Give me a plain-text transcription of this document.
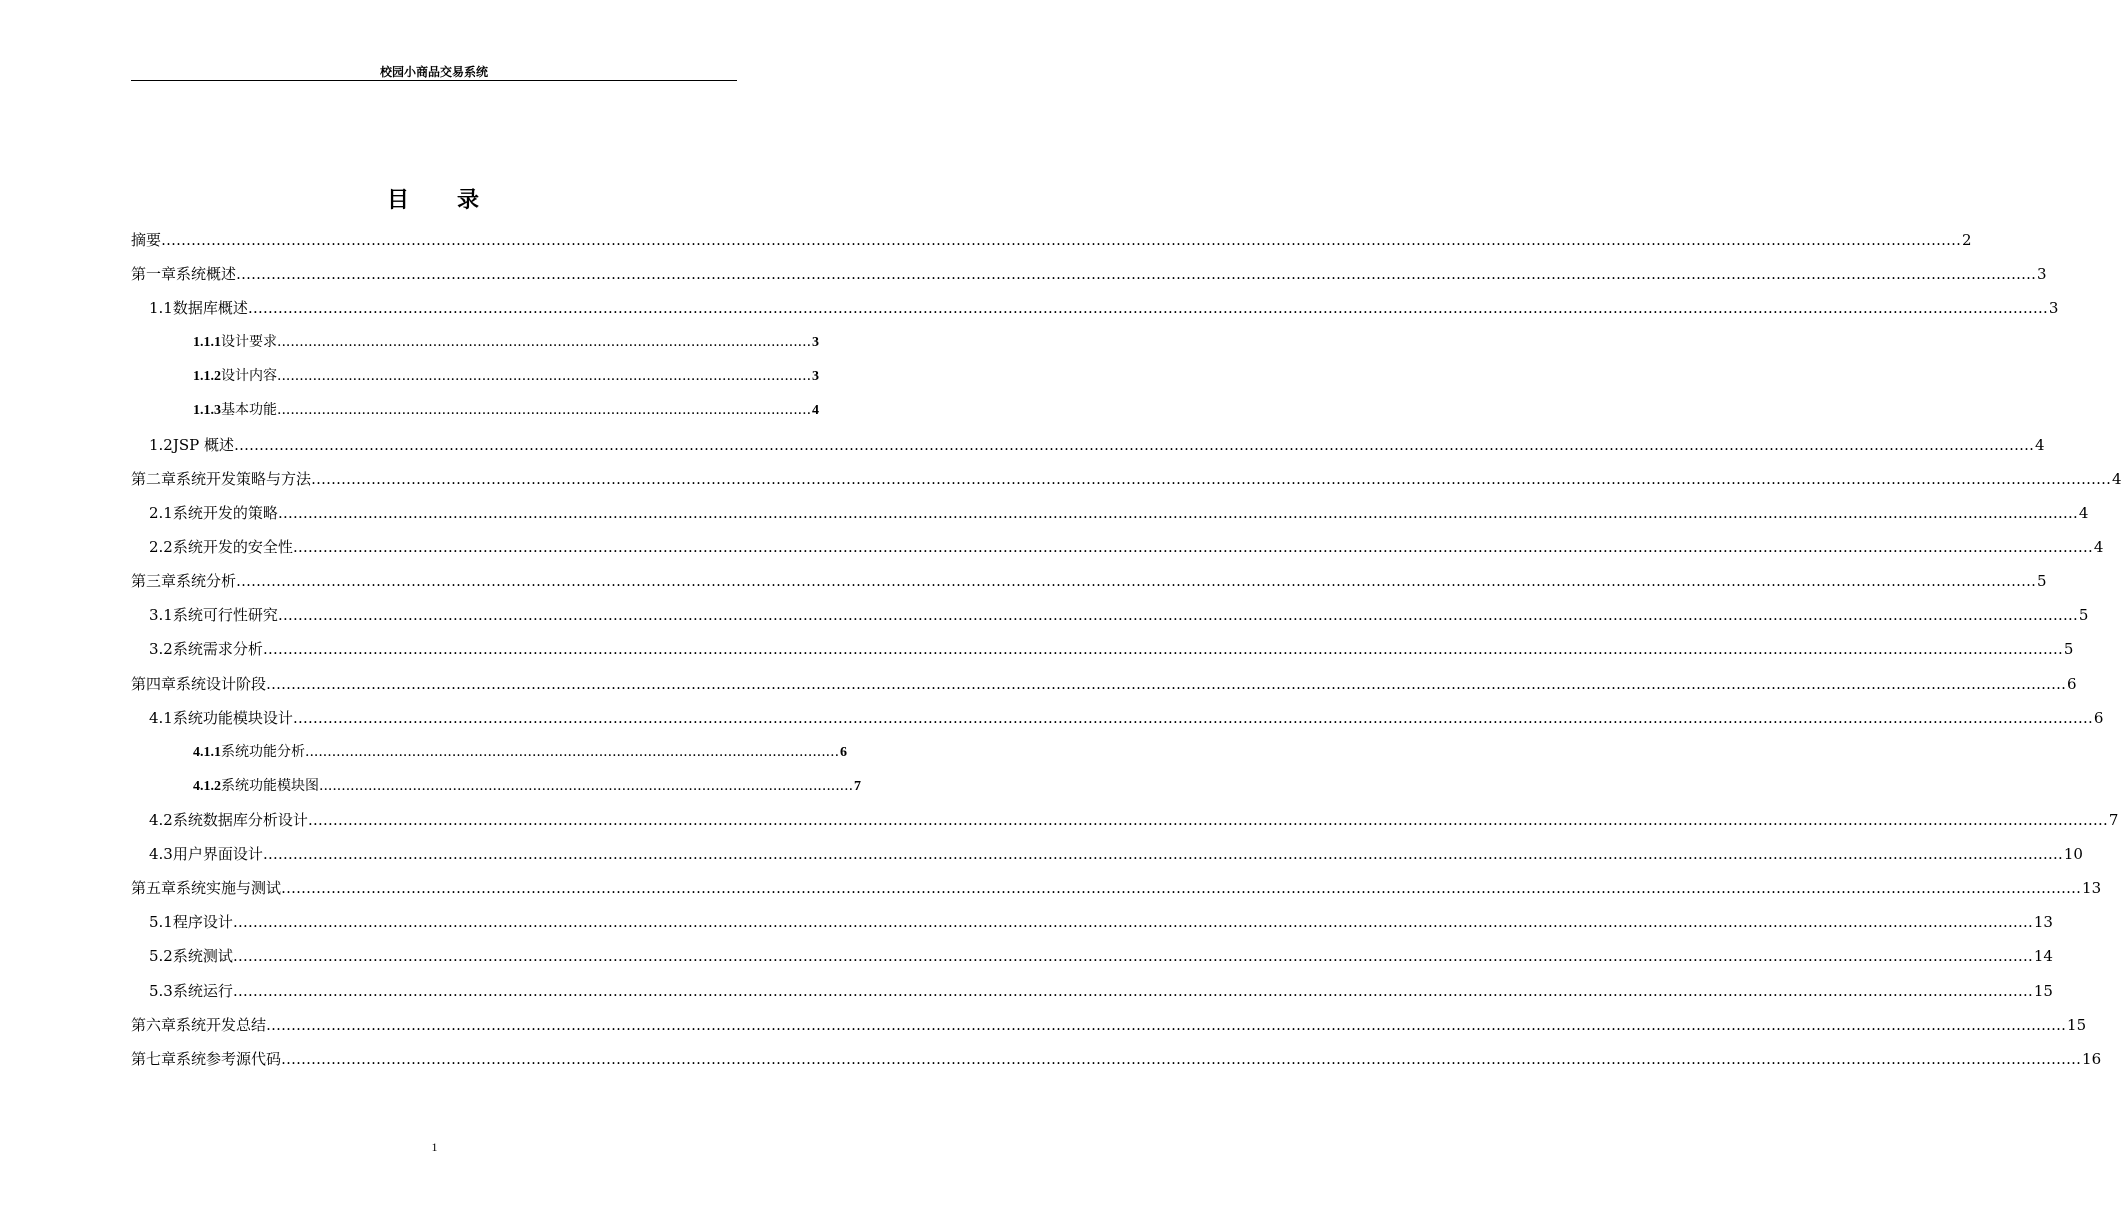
校园小商品交易系统
目 录
摘要 ……………………………………………………………………………………………………………………………………………………………………………………………………………………………………………………………………………………………………………………………… 2
第一章 系统概述 ……………………………………………………………………………………………………………………………………………………………………………………………………………………………………………………………………………………………………………………………… 3
1.1 数据库概述 ……………………………………………………………………………………………………………………………………………………………………………………………………………………………………………………………………………………………………………………………… 3
1.1.1 设计要求 ........................................................................................................................ 3
1.1.2 设计内容 ........................................................................................................................ 3
1.1.3 基本功能 ........................................................................................................................ 4
1.2 JSP 概述 ……………………………………………………………………………………………………………………………………………………………………………………………………………………………………………………………………………………………………………………………… 4
第二章 系统开发策略与方法 ……………………………………………………………………………………………………………………………………………………………………………………………………………………………………………………………………………………………………………………………… 4
2.1 系统开发的策略 ……………………………………………………………………………………………………………………………………………………………………………………………………………………………………………………………………………………………………………………………… 4
2.2 系统开发的安全性 ……………………………………………………………………………………………………………………………………………………………………………………………………………………………………………………………………………………………………………………………… 4
第三章 系统分析 ……………………………………………………………………………………………………………………………………………………………………………………………………………………………………………………………………………………………………………………………… 5
3.1 系统可行性研究 ……………………………………………………………………………………………………………………………………………………………………………………………………………………………………………………………………………………………………………………………… 5
3.2 系统需求分析 ……………………………………………………………………………………………………………………………………………………………………………………………………………………………………………………………………………………………………………………………… 5
第四章 系统设计阶段 ……………………………………………………………………………………………………………………………………………………………………………………………………………………………………………………………………………………………………………………………… 6
4.1 系统功能模块设计 ……………………………………………………………………………………………………………………………………………………………………………………………………………………………………………………………………………………………………………………………… 6
4.1.1 系统功能分析 ........................................................................................................................ 6
4.1.2 系统功能模块图 ........................................................................................................................ 7
4.2 系统数据库分析设计 ……………………………………………………………………………………………………………………………………………………………………………………………………………………………………………………………………………………………………………………………… 7
4.3 用户界面设计 ……………………………………………………………………………………………………………………………………………………………………………………………………………………………………………………………………………………………………………………………… 10
第五章 系统实施与测试 ……………………………………………………………………………………………………………………………………………………………………………………………………………………………………………………………………………………………………………………………… 13
5.1 程序设计 ……………………………………………………………………………………………………………………………………………………………………………………………………………………………………………………………………………………………………………………………… 13
5.2 系统测试 ……………………………………………………………………………………………………………………………………………………………………………………………………………………………………………………………………………………………………………………………… 14
5.3 系统运行 ……………………………………………………………………………………………………………………………………………………………………………………………………………………………………………………………………………………………………………………………… 15
第六章 系统开发总结 ……………………………………………………………………………………………………………………………………………………………………………………………………………………………………………………………………………………………………………………………… 15
第七章 系统参考源代码 ……………………………………………………………………………………………………………………………………………………………………………………………………………………………………………………………………………………………………………………………… 16
1
